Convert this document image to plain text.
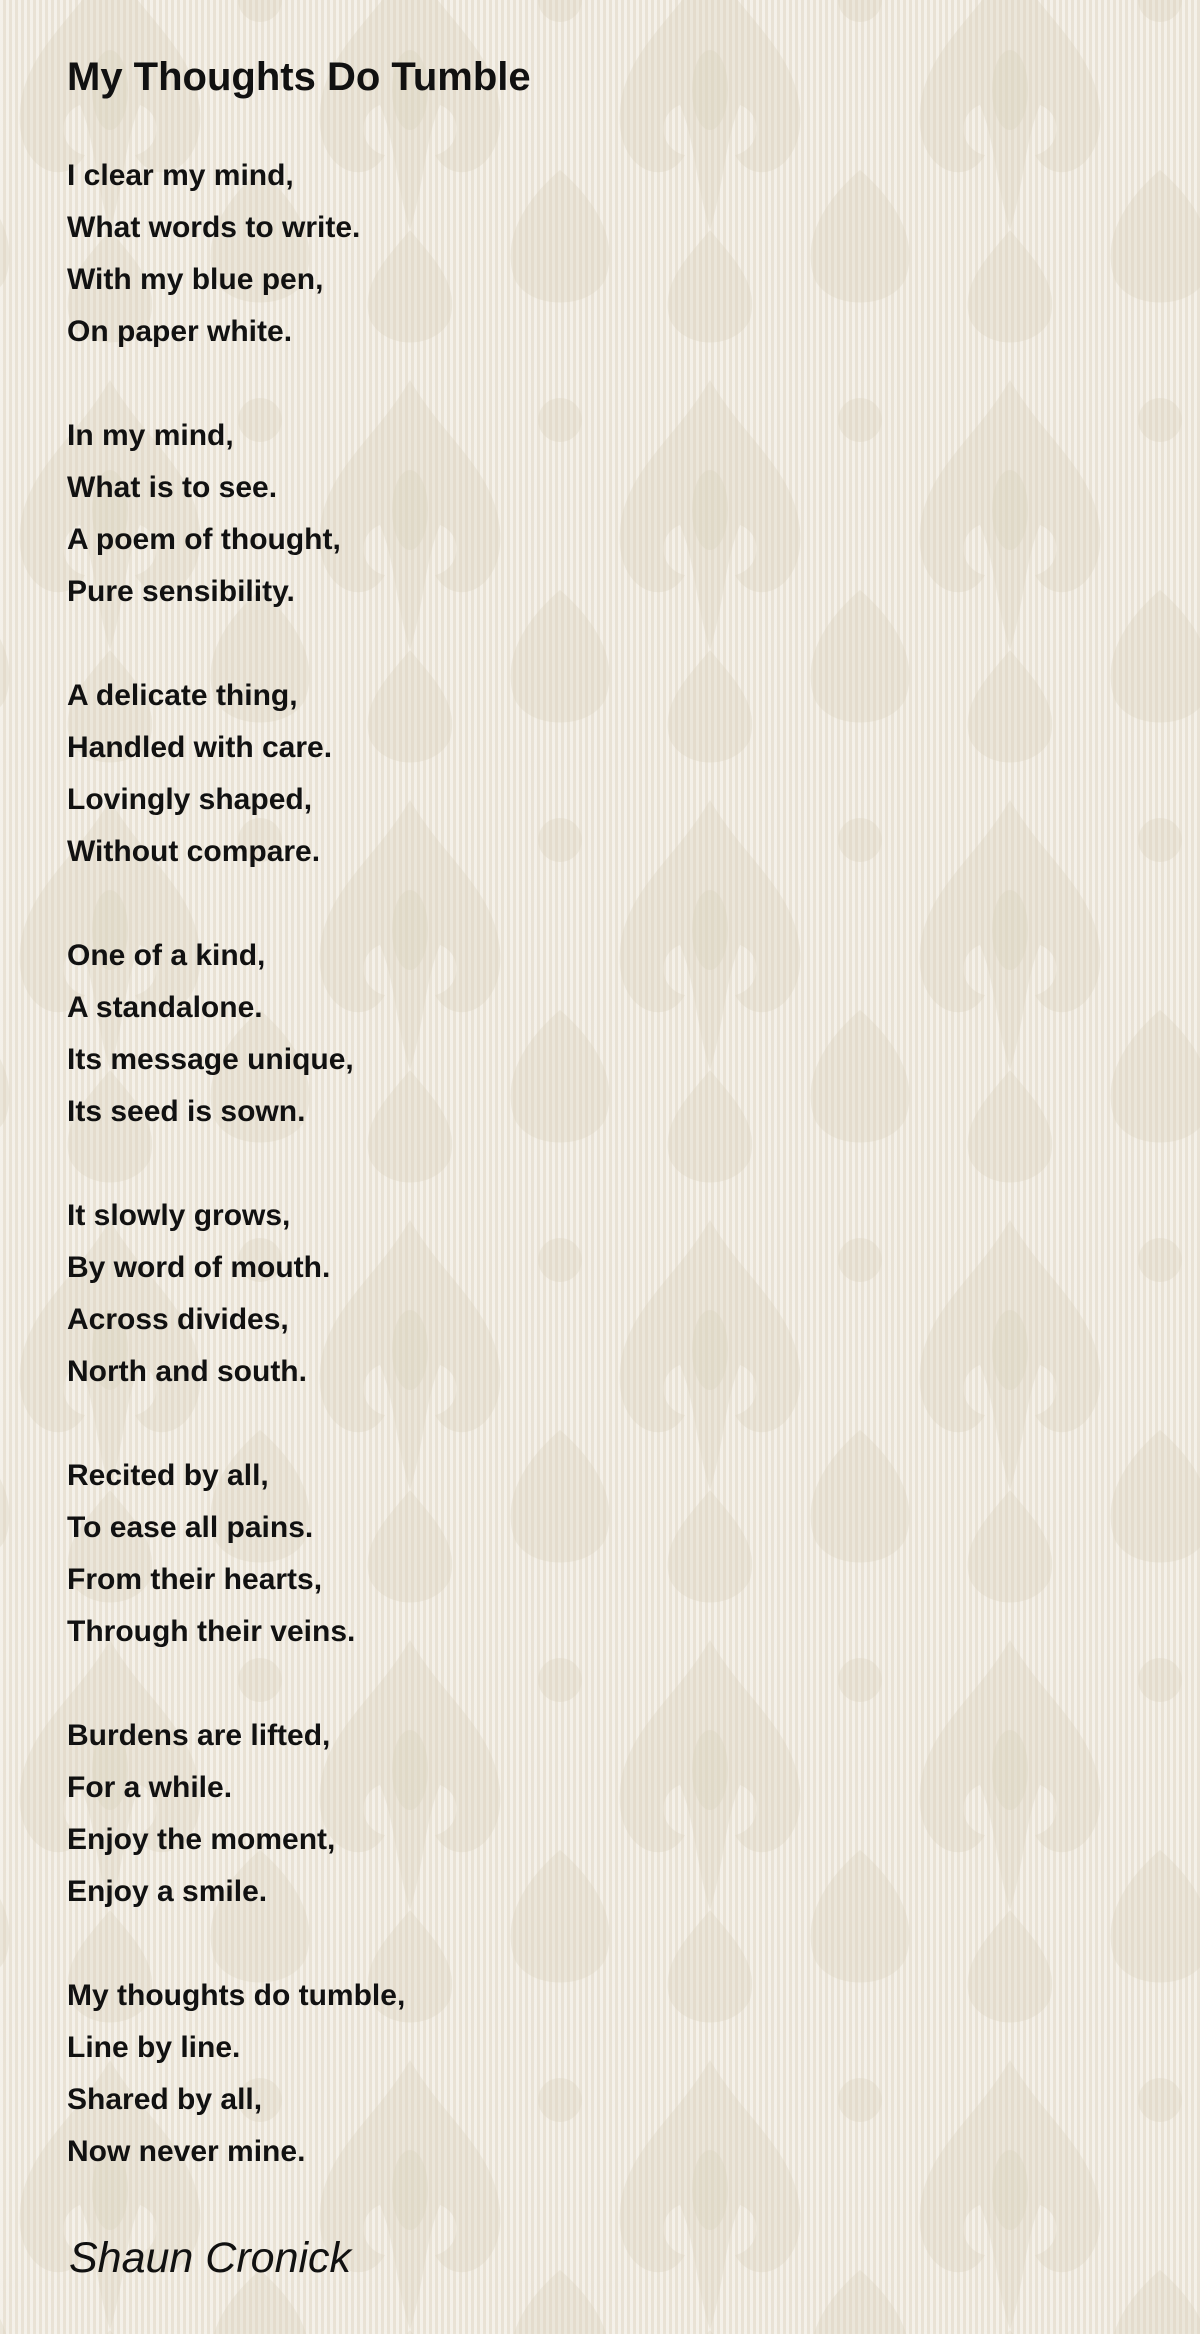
My Thoughts Do Tumble
I clear my mind,
What words to write.
With my blue pen,
On paper white.
In my mind,
What is to see.
A poem of thought,
Pure sensibility.
A delicate thing,
Handled with care.
Lovingly shaped,
Without compare.
One of a kind,
A standalone.
Its message unique,
Its seed is sown.
It slowly grows,
By word of mouth.
Across divides,
North and south.
Recited by all,
To ease all pains.
From their hearts,
Through their veins.
Burdens are lifted,
For a while.
Enjoy the moment,
Enjoy a smile.
My thoughts do tumble,
Line by line.
Shared by all,
Now never mine.
Shaun Cronick
